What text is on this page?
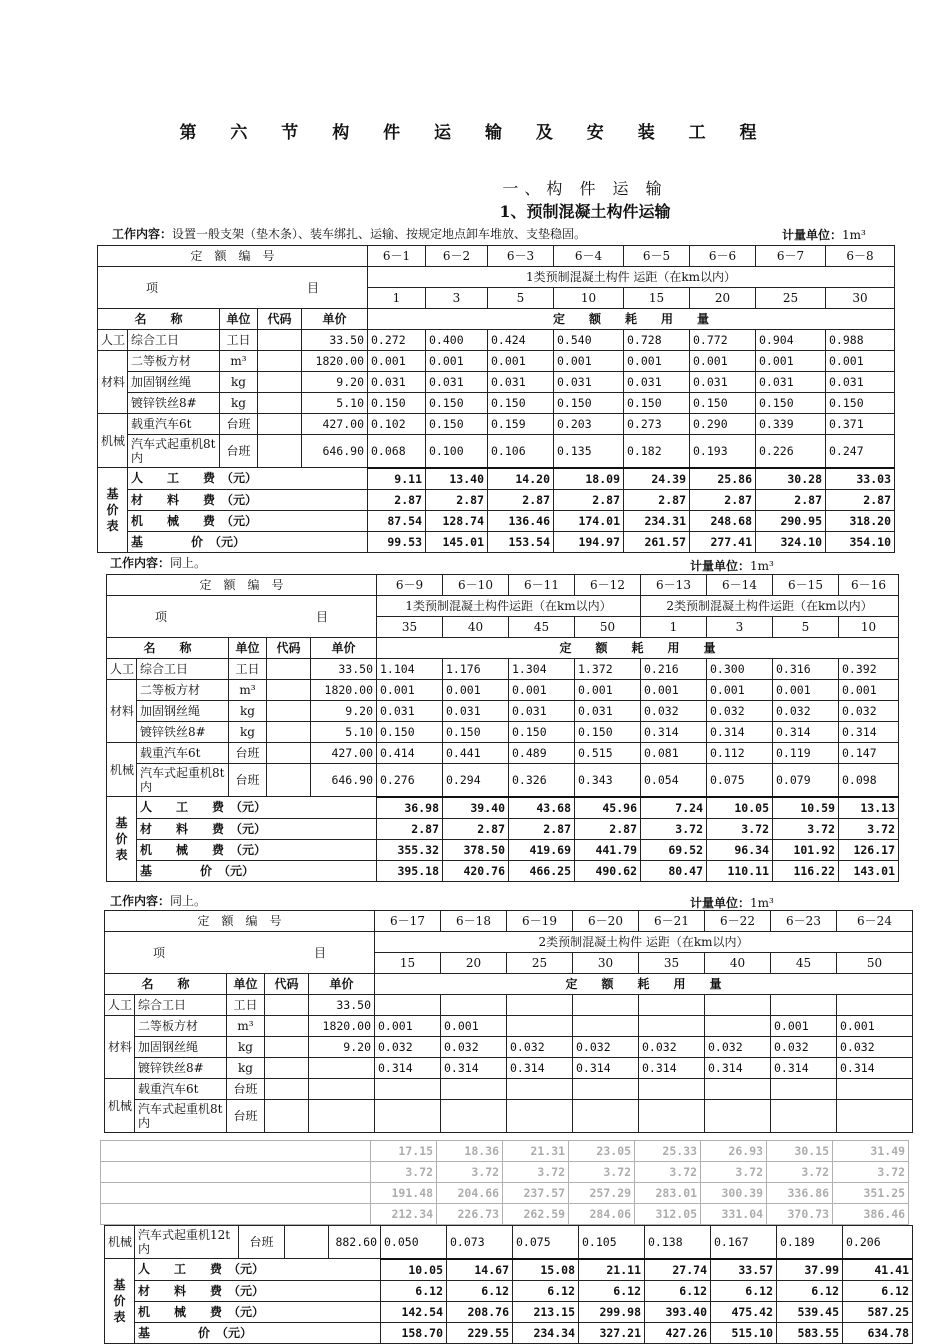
第 六 节 构 件 运 输 及 安 装 工 程
一、构 件 运 输
1、预制混凝土构件运输
工作内容：设置一般支架（垫木条）、装车绑扎、运输、按规定地点卸车堆放、支垫稳固。	计量单位：1m³
定　额　编　号					6－1	6－2	6－3	6－4	6－5	6－6	6－7	6－8
项 目					1类预制混凝土构件 运距（在km以内）							
					1	3	5	10	15	20	25	30
名　　称		单位	代码	单价	定　　额　　耗　　用　　量							
人工	综合工日	工日		33.50	0.272	0.400	0.424	0.540	0.728	0.772	0.904	0.988
材料	二等板方材	m³		1820.00	0.001	0.001	0.001	0.001	0.001	0.001	0.001	0.001
	加固钢丝绳	kg		9.20	0.031	0.031	0.031	0.031	0.031	0.031	0.031	0.031
	镀锌铁丝8#	kg		5.10	0.150	0.150	0.150	0.150	0.150	0.150	0.150	0.150
机械	载重汽车6t	台班		427.00	0.102	0.150	0.159	0.203	0.273	0.290	0.339	0.371
	汽车式起重机8t内	台班		646.90	0.068	0.100	0.106	0.135	0.182	0.193	0.226	0.247
基价表	人　　工　　费　（元）				9.11	13.40	14.20	18.09	24.39	25.86	30.28	33.03
	材　　料　　费　（元）				2.87	2.87	2.87	2.87	2.87	2.87	2.87	2.87
	机　　械　　费　（元）				87.54	128.74	136.46	174.01	234.31	248.68	290.95	318.20
	基　　　　价　（元）				99.53	145.01	153.54	194.97	261.57	277.41	324.10	354.10
工作内容：同上。	计量单位：1m³
定　额　编　号					6－9	6－10	6－11	6－12	6－13	6－14	6－15	6－16
项 目					1类预制混凝土构件运距（在km以内）				2类预制混凝土构件运距（在km以内）			
					35	40	45	50	1	3	5	10
名　　称		单位	代码	单价	定　　额　　耗　　用　　量							
人工	综合工日	工日		33.50	1.104	1.176	1.304	1.372	0.216	0.300	0.316	0.392
材料	二等板方材	m³		1820.00	0.001	0.001	0.001	0.001	0.001	0.001	0.001	0.001
	加固钢丝绳	kg		9.20	0.031	0.031	0.031	0.031	0.032	0.032	0.032	0.032
	镀锌铁丝8#	kg		5.10	0.150	0.150	0.150	0.150	0.314	0.314	0.314	0.314
机械	载重汽车6t	台班		427.00	0.414	0.441	0.489	0.515	0.081	0.112	0.119	0.147
	汽车式起重机8t内	台班		646.90	0.276	0.294	0.326	0.343	0.054	0.075	0.079	0.098
基价表	人　　工　　费　（元）				36.98	39.40	43.68	45.96	7.24	10.05	10.59	13.13
	材　　料　　费　（元）				2.87	2.87	2.87	2.87	3.72	3.72	3.72	3.72
	机　　械　　费　（元）				355.32	378.50	419.69	441.79	69.52	96.34	101.92	126.17
	基　　　　价　（元）				395.18	420.76	466.25	490.62	80.47	110.11	116.22	143.01
工作内容：同上。	计量单位：1m³
定　额　编　号					6－17	6－18	6－19	6－20	6－21	6－22	6－23	6－24
项 目					2类预制混凝土构件 运距（在km以内）							
					15	20	25	30	35	40	45	50
名　　称		单位	代码	单价	定　　额　　耗　　用　　量							
人工	综合工日	工日		33.50								
材料	二等板方材	m³		1820.00	0.001	0.001					0.001	0.001
	加固钢丝绳	kg		9.20	0.032	0.032	0.032	0.032	0.032	0.032	0.032	0.032
	镀锌铁丝8#	kg			0.314	0.314	0.314	0.314	0.314	0.314	0.314	0.314
机械	载重汽车6t	台班										
	汽车式起重机8t内	台班										
机械	汽车式起重机12t内	台班		882.60	0.050	0.073	0.075	0.105	0.138	0.167	0.189	0.206
基价表	人　　工　　费　（元）				10.05	14.67	15.08	21.11	27.74	33.57	37.99	41.41
	材　　料　　费　（元）				6.12	6.12	6.12	6.12	6.12	6.12	6.12	6.12
	机　　械　　费　（元）				142.54	208.76	213.15	299.98	393.40	475.42	539.45	587.25
	基　　　　价　（元）				158.70	229.55	234.34	327.21	427.26	515.10	583.55	634.78
	17.15	18.36	21.31	23.05	25.33	26.93	30.15	31.49
	3.72	3.72	3.72	3.72	3.72	3.72	3.72	3.72
	191.48	204.66	237.57	257.29	283.01	300.39	336.86	351.25
	212.34	226.73	262.59	284.06	312.05	331.04	370.73	386.46
